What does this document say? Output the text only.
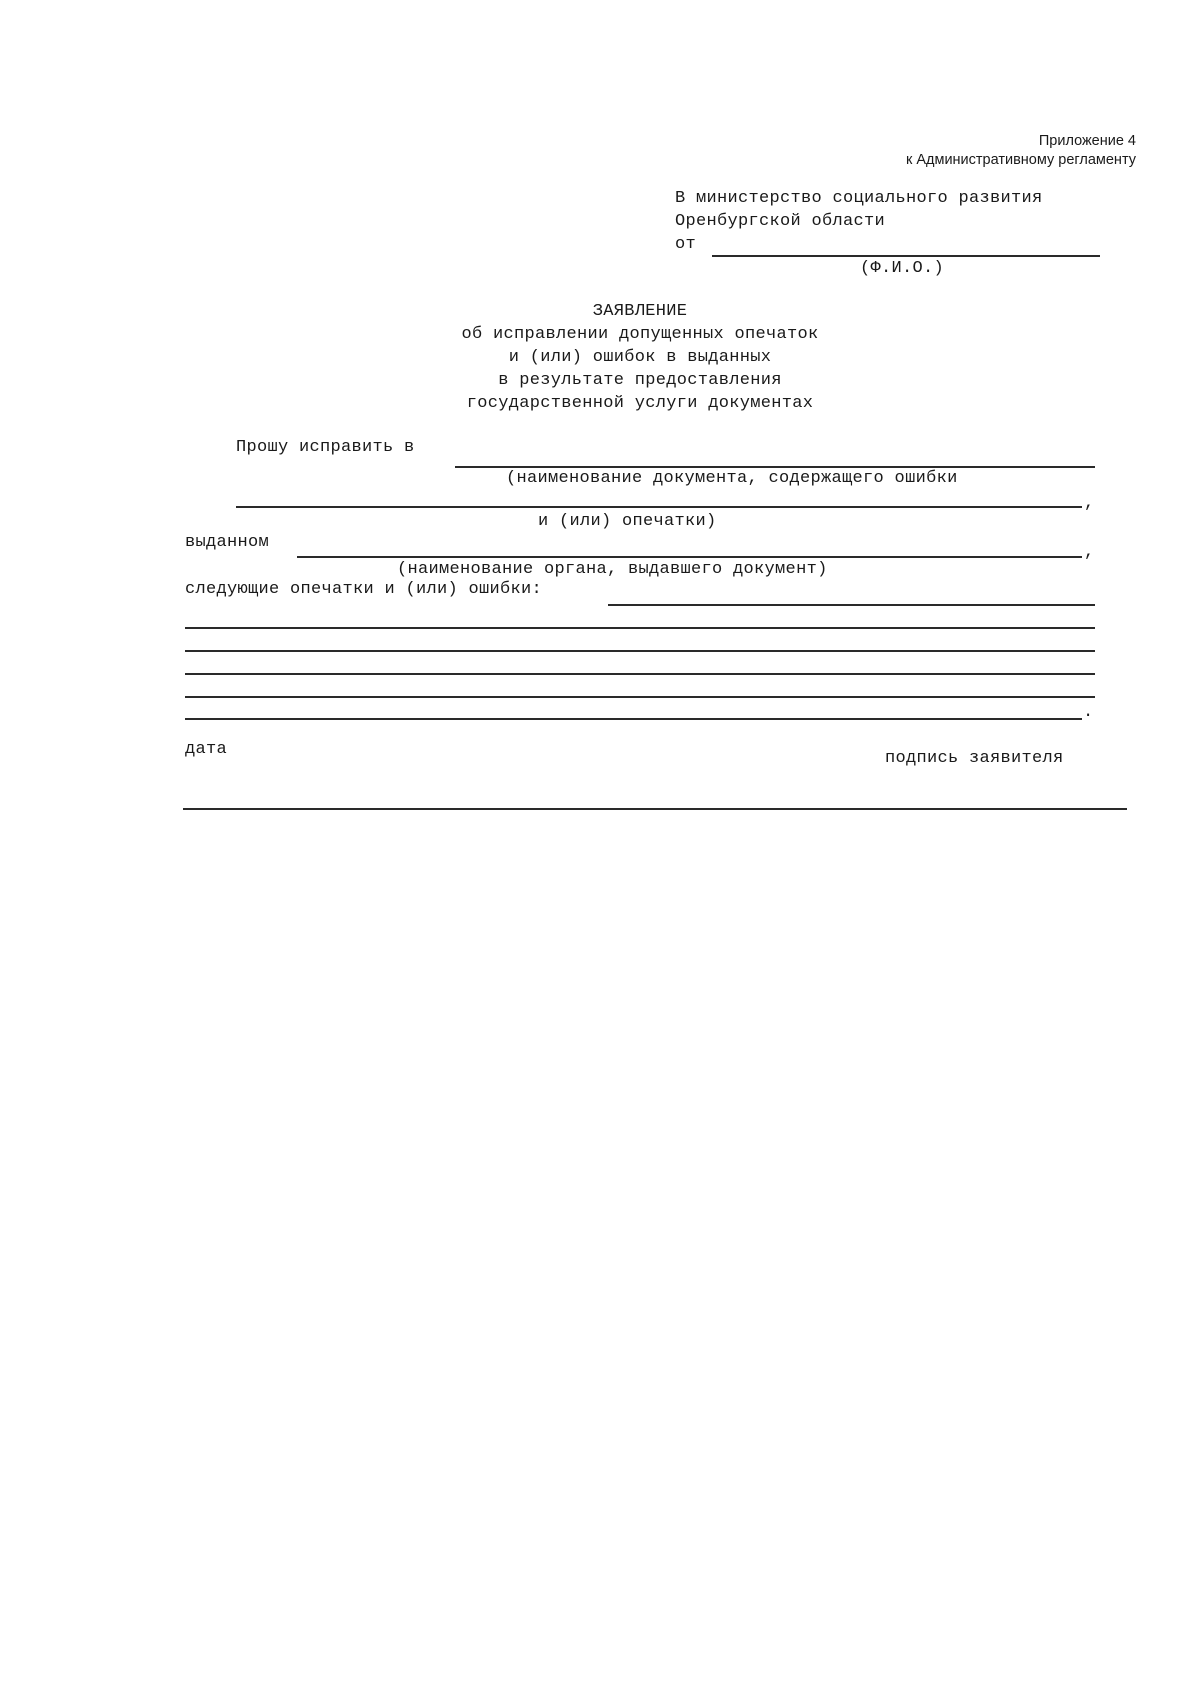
Приложение 4
к Административному регламенту
В министерство социального развития
Оренбургской области
от
(Ф.И.О.)
ЗАЯВЛЕНИЕ
об исправлении допущенных опечаток
и (или) ошибок в выданных
в результате предоставления
государственной услуги документах
Прошу исправить в
(наименование документа, содержащего ошибки
,
и (или) опечатки)
выданном
,
(наименование органа, выдавшего документ)
следующие опечатки и (или) ошибки:
.
дата	подпись заявителя
